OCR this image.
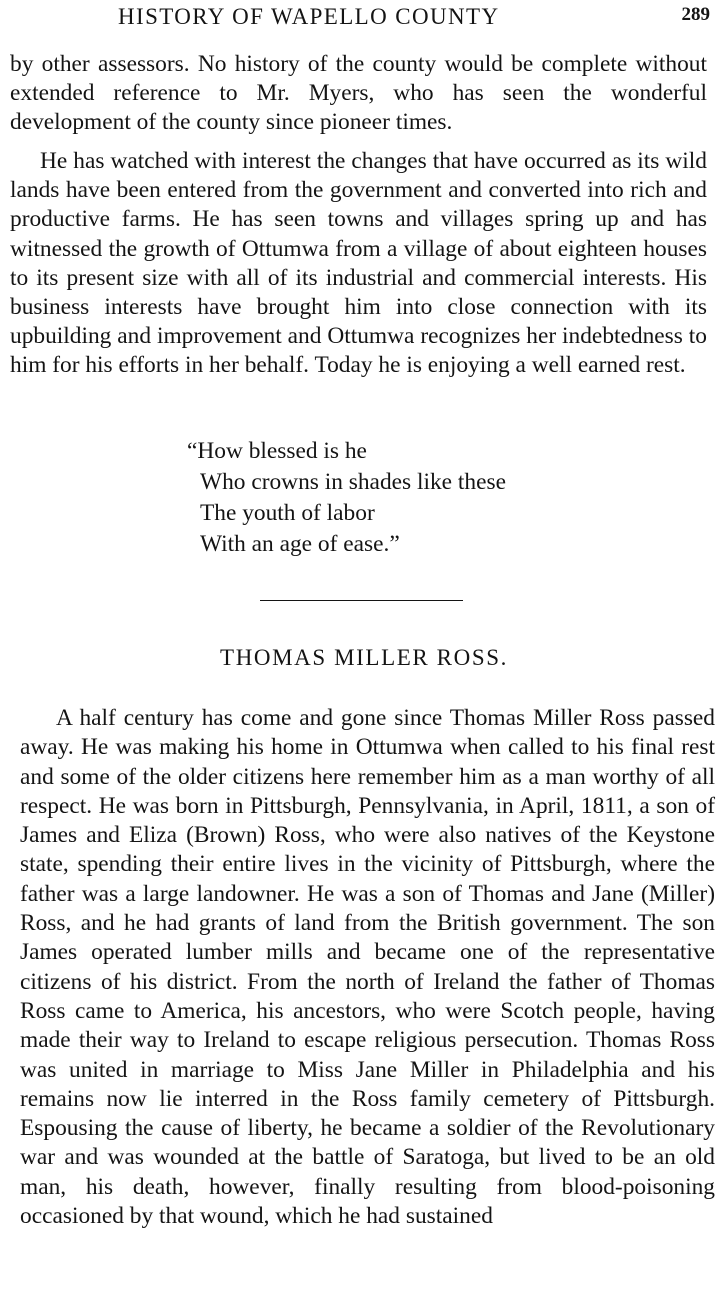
HISTORY OF WAPELLO COUNTY	289

by other assessors. No history of the county would be complete without extended reference to Mr. Myers, who has seen the wonderful development of the county since pioneer times.

He has watched with interest the changes that have occurred as its wild lands have been entered from the government and converted into rich and productive farms. He has seen towns and villages spring up and has witnessed the growth of Ottumwa from a village of about eighteen houses to its present size with all of its industrial and commercial interests. His business interests have brought him into close connection with its upbuilding and improvement and Ottumwa recognizes her indebtedness to him for his efforts in her behalf. Today he is enjoying a well earned rest.

“How blessed is he
Who crowns in shades like these
The youth of labor
With an age of ease.”
THOMAS MILLER ROSS.

A half century has come and gone since Thomas Miller Ross passed away. He was making his home in Ottumwa when called to his final rest and some of the older citizens here remember him as a man worthy of all respect. He was born in Pittsburgh, Pennsylvania, in April, 1811, a son of James and Eliza (Brown) Ross, who were also natives of the Keystone state, spending their entire lives in the vicinity of Pittsburgh, where the father was a large landowner. He was a son of Thomas and Jane (Miller) Ross, and he had grants of land from the British government. The son James operated lumber mills and became one of the representative citizens of his district. From the north of Ireland the father of Thomas Ross came to America, his ancestors, who were Scotch people, having made their way to Ireland to escape religious persecution. Thomas Ross was united in marriage to Miss Jane Miller in Philadelphia and his remains now lie interred in the Ross family cemetery of Pittsburgh. Espousing the cause of liberty, he became a soldier of the Revolutionary war and was wounded at the battle of Saratoga, but lived to be an old man, his death, however, finally resulting from blood-poisoning occasioned by that wound, which he had sustained
